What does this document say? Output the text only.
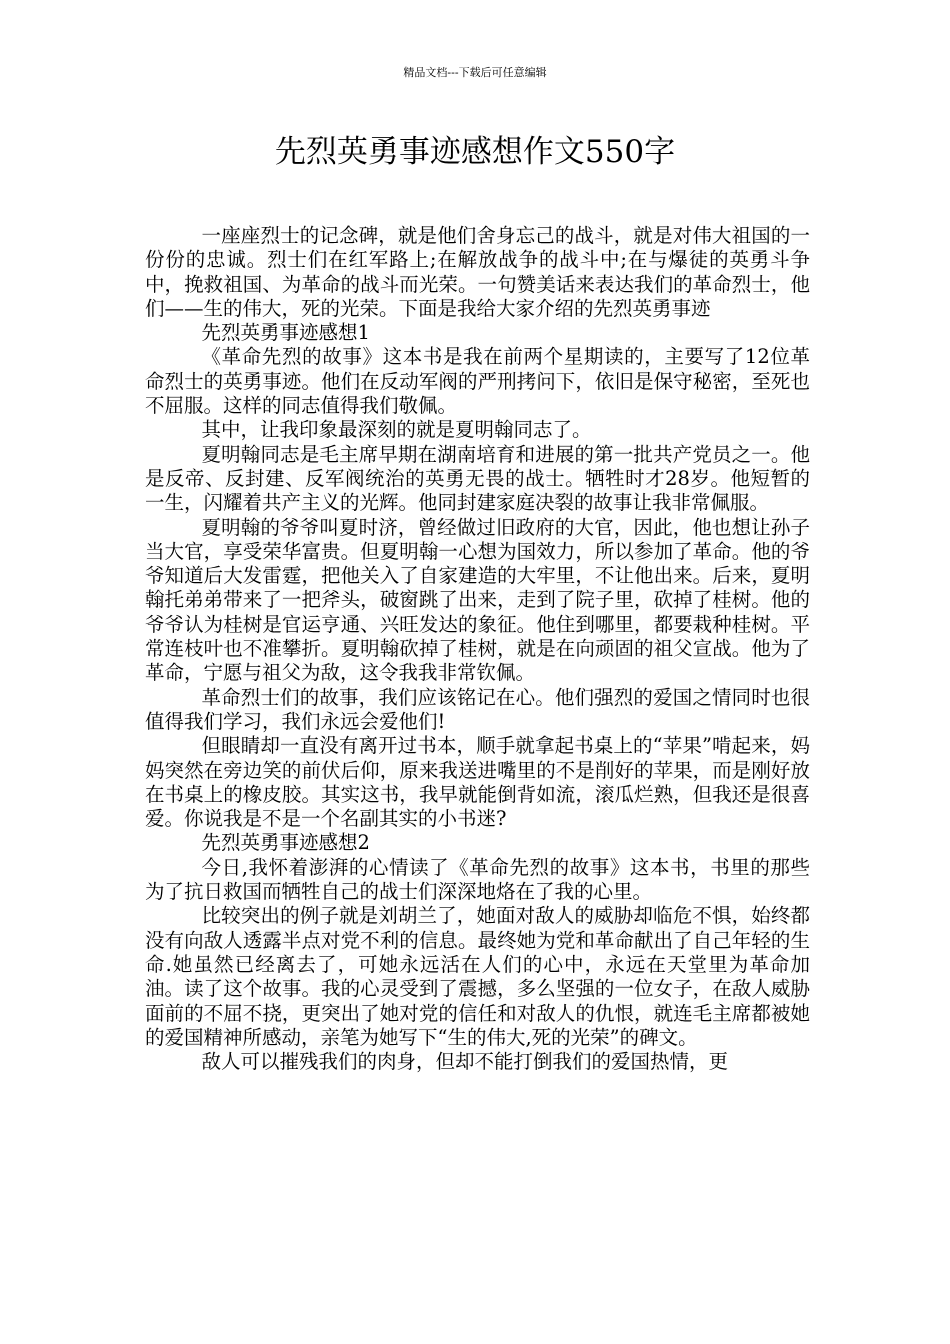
精品文档---下载后可任意编辑
先烈英勇事迹感想作文550字

一座座烈士的记念碑，就是他们舍身忘己的战斗，就是对伟大祖国的一份份的忠诚。烈士们在红军路上;在解放战争的战斗中;在与爆徒的英勇斗争中，挽救祖国、为革命的战斗而光荣。一句赞美话来表达我们的革命烈士，他们——生的伟大，死的光荣。下面是我给大家介绍的先烈英勇事迹

先烈英勇事迹感想1

《革命先烈的故事》这本书是我在前两个星期读的，主要写了12位革命烈士的英勇事迹。他们在反动军阀的严刑拷问下，依旧是保守秘密，至死也不屈服。这样的同志值得我们敬佩。

其中，让我印象最深刻的就是夏明翰同志了。

夏明翰同志是毛主席早期在湖南培育和进展的第一批共产党员之一。他是反帝、反封建、反军阀统治的英勇无畏的战士。牺牲时才28岁。他短暂的一生，闪耀着共产主义的光辉。他同封建家庭决裂的故事让我非常佩服。

夏明翰的爷爷叫夏时济，曾经做过旧政府的大官，因此，他也想让孙子当大官，享受荣华富贵。但夏明翰一心想为国效力，所以参加了革命。他的爷爷知道后大发雷霆，把他关入了自家建造的大牢里，不让他出来。后来，夏明翰托弟弟带来了一把斧头，破窗跳了出来，走到了院子里，砍掉了桂树。他的爷爷认为桂树是官运亨通、兴旺发达的象征。他住到哪里，都要栽种桂树。平常连枝叶也不准攀折。夏明翰砍掉了桂树，就是在向顽固的祖父宣战。他为了革命，宁愿与祖父为敌，这令我我非常钦佩。

革命烈士们的故事，我们应该铭记在心。他们强烈的爱国之情同时也很值得我们学习，我们永远会爱他们!

但眼睛却一直没有离开过书本，顺手就拿起书桌上的“苹果”啃起来，妈妈突然在旁边笑的前伏后仰，原来我送进嘴里的不是削好的苹果，而是刚好放在书桌上的橡皮胶。其实这书，我早就能倒背如流，滚瓜烂熟，但我还是很喜爱。你说我是不是一个名副其实的小书迷?

先烈英勇事迹感想2

今日,我怀着澎湃的心情读了《革命先烈的故事》这本书，书里的那些为了抗日救国而牺牲自己的战士们深深地烙在了我的心里。

比较突出的例子就是刘胡兰了，她面对敌人的威胁却临危不惧，始终都没有向敌人透露半点对党不利的信息。最终她为党和革命献出了自己年轻的生命.她虽然已经离去了，可她永远活在人们的心中，永远在天堂里为革命加油。读了这个故事。我的心灵受到了震撼，多么坚强的一位女子，在敌人威胁面前的不屈不挠，更突出了她对党的信任和对敌人的仇恨，就连毛主席都被她的爱国精神所感动，亲笔为她写下“生的伟大,死的光荣”的碑文。

敌人可以摧残我们的肉身，但却不能打倒我们的爱国热情，更
